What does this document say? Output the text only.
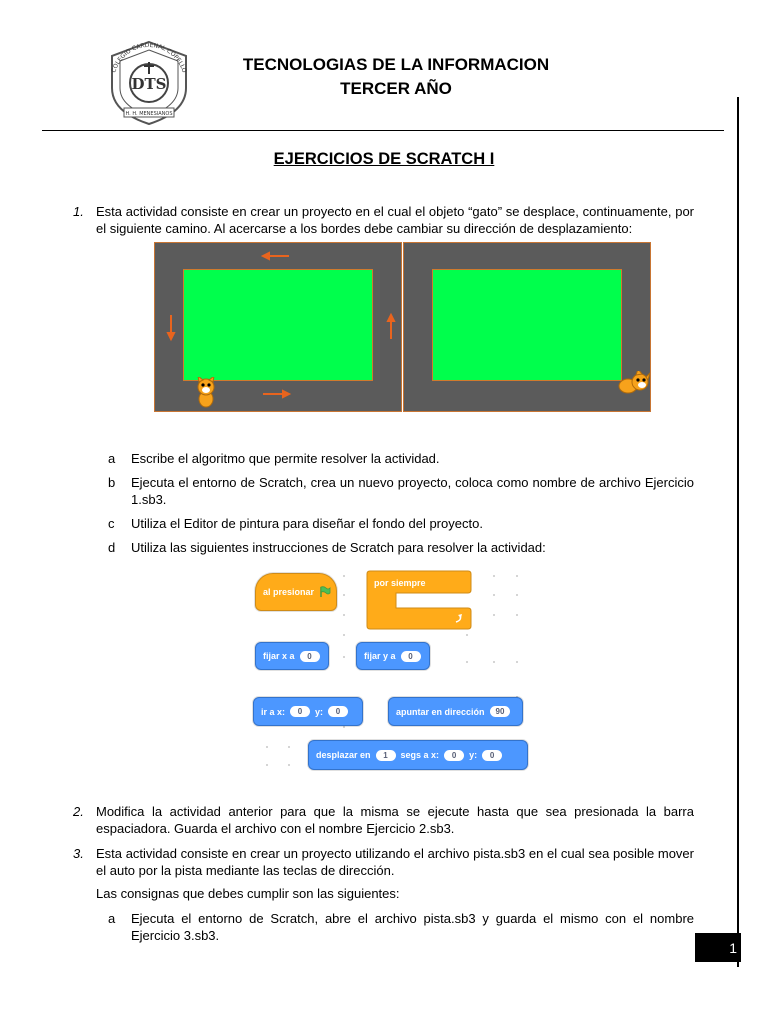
DTS
COLEGIO CARDENAL COPELLO
H. H. MENESIANOS
TECNOLOGIAS DE LA INFORMACION
TERCER AÑO
EJERCICIOS DE SCRATCH I
1. Esta actividad consiste en crear un proyecto en el cual el objeto “gato” se desplace, continuamente, por el siguiente camino. Al acercarse a los bordes debe cambiar su dirección de desplazamiento:
a Escribe el algoritmo que permite resolver la actividad.
b Ejecuta el entorno de Scratch, crea un nuevo proyecto, coloca como nombre de archivo Ejercicio 1.sb3.
c Utiliza el Editor de pintura para diseñar el fondo del proyecto.
d Utiliza las siguientes instrucciones de Scratch para resolver la actividad:
al presionar
por siempre
fijar x a	0	fijar y a	0
ir a x:	0	y:	0	apuntar en dirección	90
desplazar en	1	segs a x:	0	y:	0
2. Modifica la actividad anterior para que la misma se ejecute hasta que sea presionada la barra espaciadora. Guarda el archivo con el nombre Ejercicio 2.sb3.
3. Esta actividad consiste en crear un proyecto utilizando el archivo pista.sb3 en el cual sea posible mover el auto por la pista mediante las teclas de dirección.
Las consignas que debes cumplir son las siguientes:
a Ejecuta el entorno de Scratch, abre el archivo pista.sb3 y guarda el mismo con el nombre Ejercicio 3.sb3.
1
